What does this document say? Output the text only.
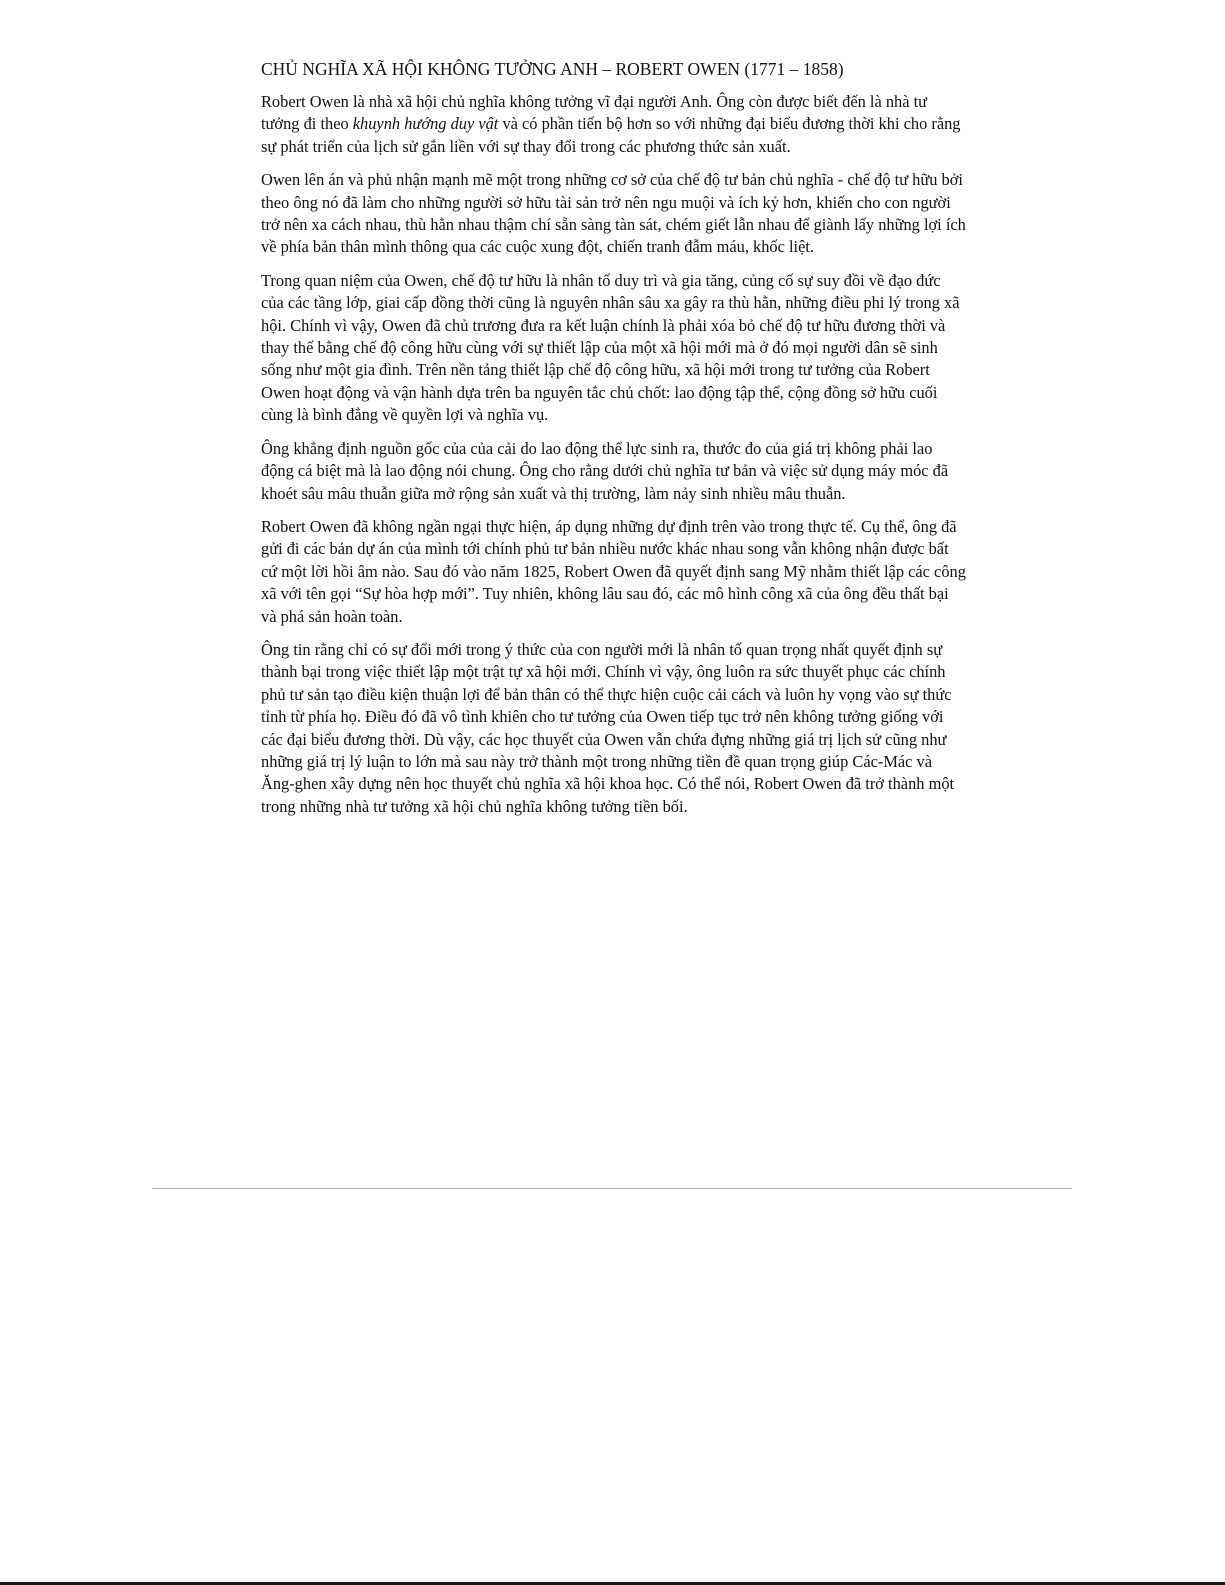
CHỦ NGHĨA XÃ HỘI KHÔNG TƯỞNG ANH – ROBERT OWEN (1771 – 1858)

Robert Owen là nhà xã hội chủ nghĩa không tưởng vĩ đại người Anh. Ông còn được biết đến là nhà tư tưởng đi theo khuynh hướng duy vật và có phần tiến bộ hơn so với những đại biểu đương thời khi cho rằng sự phát triển của lịch sử gắn liền với sự thay đổi trong các phương thức sản xuất.

Owen lên án và phủ nhận mạnh mẽ một trong những cơ sở của chế độ tư bản chủ nghĩa - chế độ tư hữu bởi theo ông nó đã làm cho những người sở hữu tài sản trở nên ngu muội và ích kỷ hơn, khiến cho con người trở nên xa cách nhau, thù hằn nhau thậm chí sẵn sàng tàn sát, chém giết lẫn nhau để giành lấy những lợi ích về phía bản thân mình thông qua các cuộc xung đột, chiến tranh đẫm máu, khốc liệt.

Trong quan niệm của Owen, chế độ tư hữu là nhân tố duy trì và gia tăng, củng cố sự suy đồi về đạo đức của các tầng lớp, giai cấp đồng thời cũng là nguyên nhân sâu xa gây ra thù hằn, những điều phi lý trong xã hội. Chính vì vậy, Owen đã chủ trương đưa ra kết luận chính là phải xóa bỏ chế độ tư hữu đương thời và thay thế bằng chế độ công hữu cùng với sự thiết lập của một xã hội mới mà ở đó mọi người dân sẽ sinh sống như một gia đình. Trên nền tảng thiết lập chế độ công hữu, xã hội mới trong tư tưởng của Robert Owen hoạt động và vận hành dựa trên ba nguyên tắc chủ chốt: lao động tập thể, cộng đồng sở hữu cuối cùng là bình đẳng về quyền lợi và nghĩa vụ.

Ông khẳng định nguồn gốc của của cải do lao động thể lực sinh ra, thước đo của giá trị không phải lao động cá biệt mà là lao động nói chung. Ông cho rằng dưới chủ nghĩa tư bản và việc sử dụng máy móc đã khoét sâu mâu thuẫn giữa mở rộng sản xuất và thị trường, làm nảy sinh nhiều mâu thuẫn.

Robert Owen đã không ngần ngại thực hiện, áp dụng những dự định trên vào trong thực tế. Cụ thể, ông đã gửi đi các bản dự án của mình tới chính phủ tư bản nhiều nước khác nhau song vẫn không nhận được bất cứ một lời hồi âm nào. Sau đó vào năm 1825, Robert Owen đã quyết định sang Mỹ nhằm thiết lập các công xã với tên gọi “Sự hòa hợp mới”. Tuy nhiên, không lâu sau đó, các mô hình công xã của ông đều thất bại và phá sản hoàn toàn.

Ông tin rằng chỉ có sự đổi mới trong ý thức của con người mới là nhân tố quan trọng nhất quyết định sự thành bại trong việc thiết lập một trật tự xã hội mới. Chính vì vậy, ông luôn ra sức thuyết phục các chính phủ tư sản tạo điều kiện thuận lợi để bản thân có thể thực hiện cuộc cải cách và luôn hy vọng vào sự thức tỉnh từ phía họ. Điều đó đã vô tình khiên cho tư tưởng của Owen tiếp tục trở nên không tưởng giống với các đại biểu đương thời. Dù vậy, các học thuyết của Owen vẫn chứa đựng những giá trị lịch sử cũng như những giá trị lý luận to lớn mà sau này trở thành một trong những tiền đề quan trọng giúp Các-Mác và Ăng-ghen xây dựng nên học thuyết chủ nghĩa xã hội khoa học. Có thể nói, Robert Owen đã trở thành một trong những nhà tư tưởng xã hội chủ nghĩa không tưởng tiền bối.
